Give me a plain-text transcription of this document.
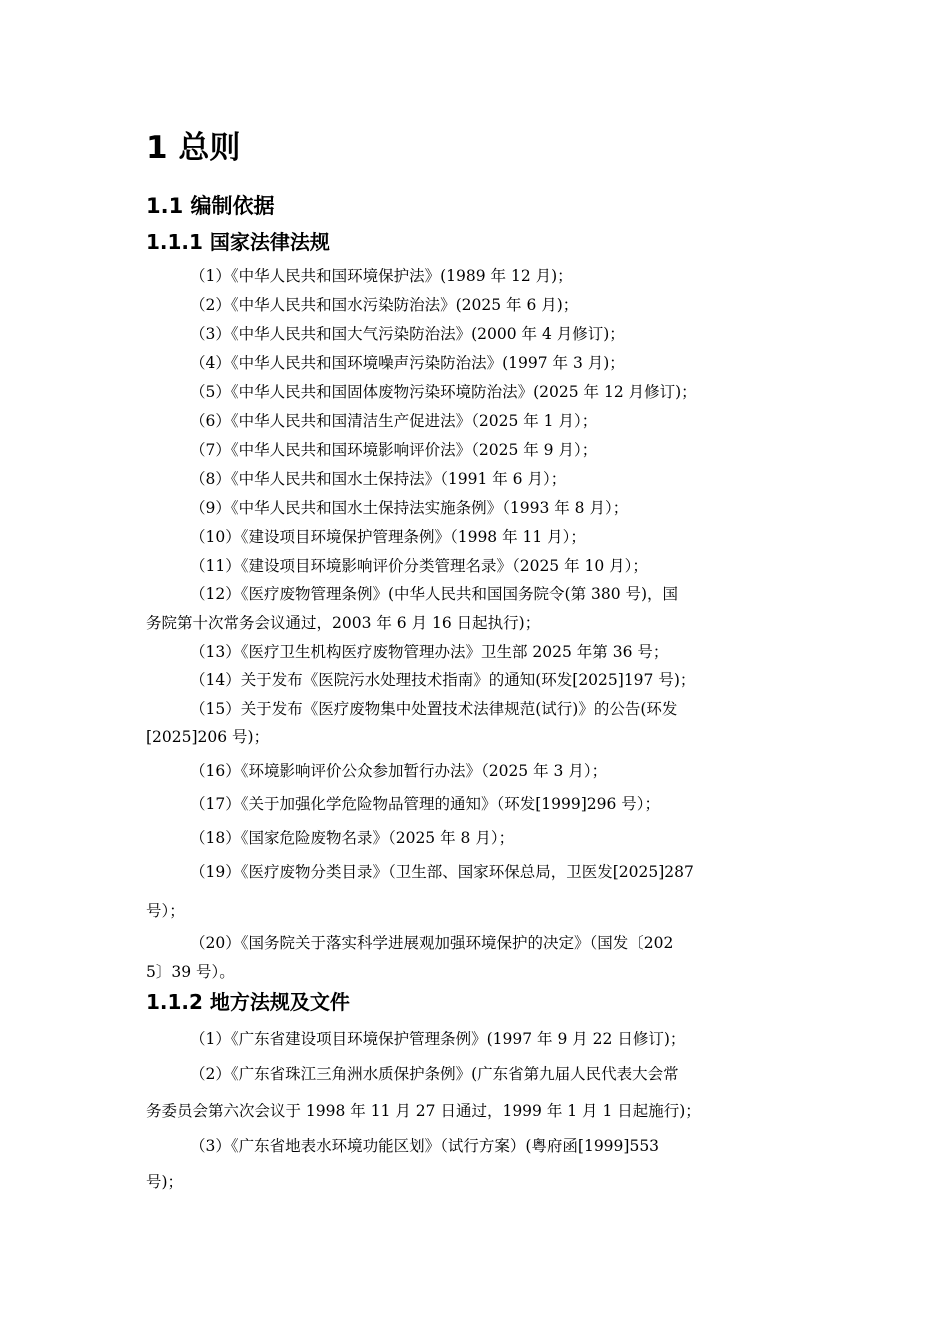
1 总则
1.1 编制依据
1.1.1 国家法律法规
（1）《中华人民共和国环境保护法》(1989 年 12 月)；
（2）《中华人民共和国水污染防治法》(2025 年 6 月)；
（3）《中华人民共和国大气污染防治法》(2000 年 4 月修订)；
（4）《中华人民共和国环境噪声污染防治法》(1997 年 3 月)；
（5）《中华人民共和国固体废物污染环境防治法》(2025 年 12 月修订)；
（6）《中华人民共和国清洁生产促进法》（2025 年 1 月）；
（7）《中华人民共和国环境影响评价法》（2025 年 9 月）；
（8）《中华人民共和国水土保持法》（1991 年 6 月）；
（9）《中华人民共和国水土保持法实施条例》（1993 年 8 月）；
（10）《建设项目环境保护管理条例》（1998 年 11 月）；
（11）《建设项目环境影响评价分类管理名录》（2025 年 10 月）；
（12）《医疗废物管理条例》(中华人民共和国国务院令(第 380 号)，国
务院第十次常务会议通过，2003 年 6 月 16 日起执行)；
（13）《医疗卫生机构医疗废物管理办法》卫生部 2025 年第 36 号；
（14）关于发布《医院污水处理技术指南》的通知(环发[2025]197 号)；
（15）关于发布《医疗废物集中处置技术法律规范(试行)》的公告(环发
[2025]206 号)；
（16）《环境影响评价公众参加暂行办法》（2025 年 3 月）；
（17）《关于加强化学危险物品管理的通知》（环发[1999]296 号）；
（18）《国家危险废物名录》（2025 年 8 月）；
（19）《医疗废物分类目录》（卫生部、国家环保总局，卫医发[2025]287
号）；
（20）《国务院关于落实科学进展观加强环境保护的决定》（国发〔202
5〕39 号）。
1.1.2 地方法规及文件
（1）《广东省建设项目环境保护管理条例》(1997 年 9 月 22 日修订)；
（2）《广东省珠江三角洲水质保护条例》(广东省第九届人民代表大会常
务委员会第六次会议于 1998 年 11 月 27 日通过，1999 年 1 月 1 日起施行)；
（3）《广东省地表水环境功能区划》（试行方案）(粤府函[1999]553
号)；
